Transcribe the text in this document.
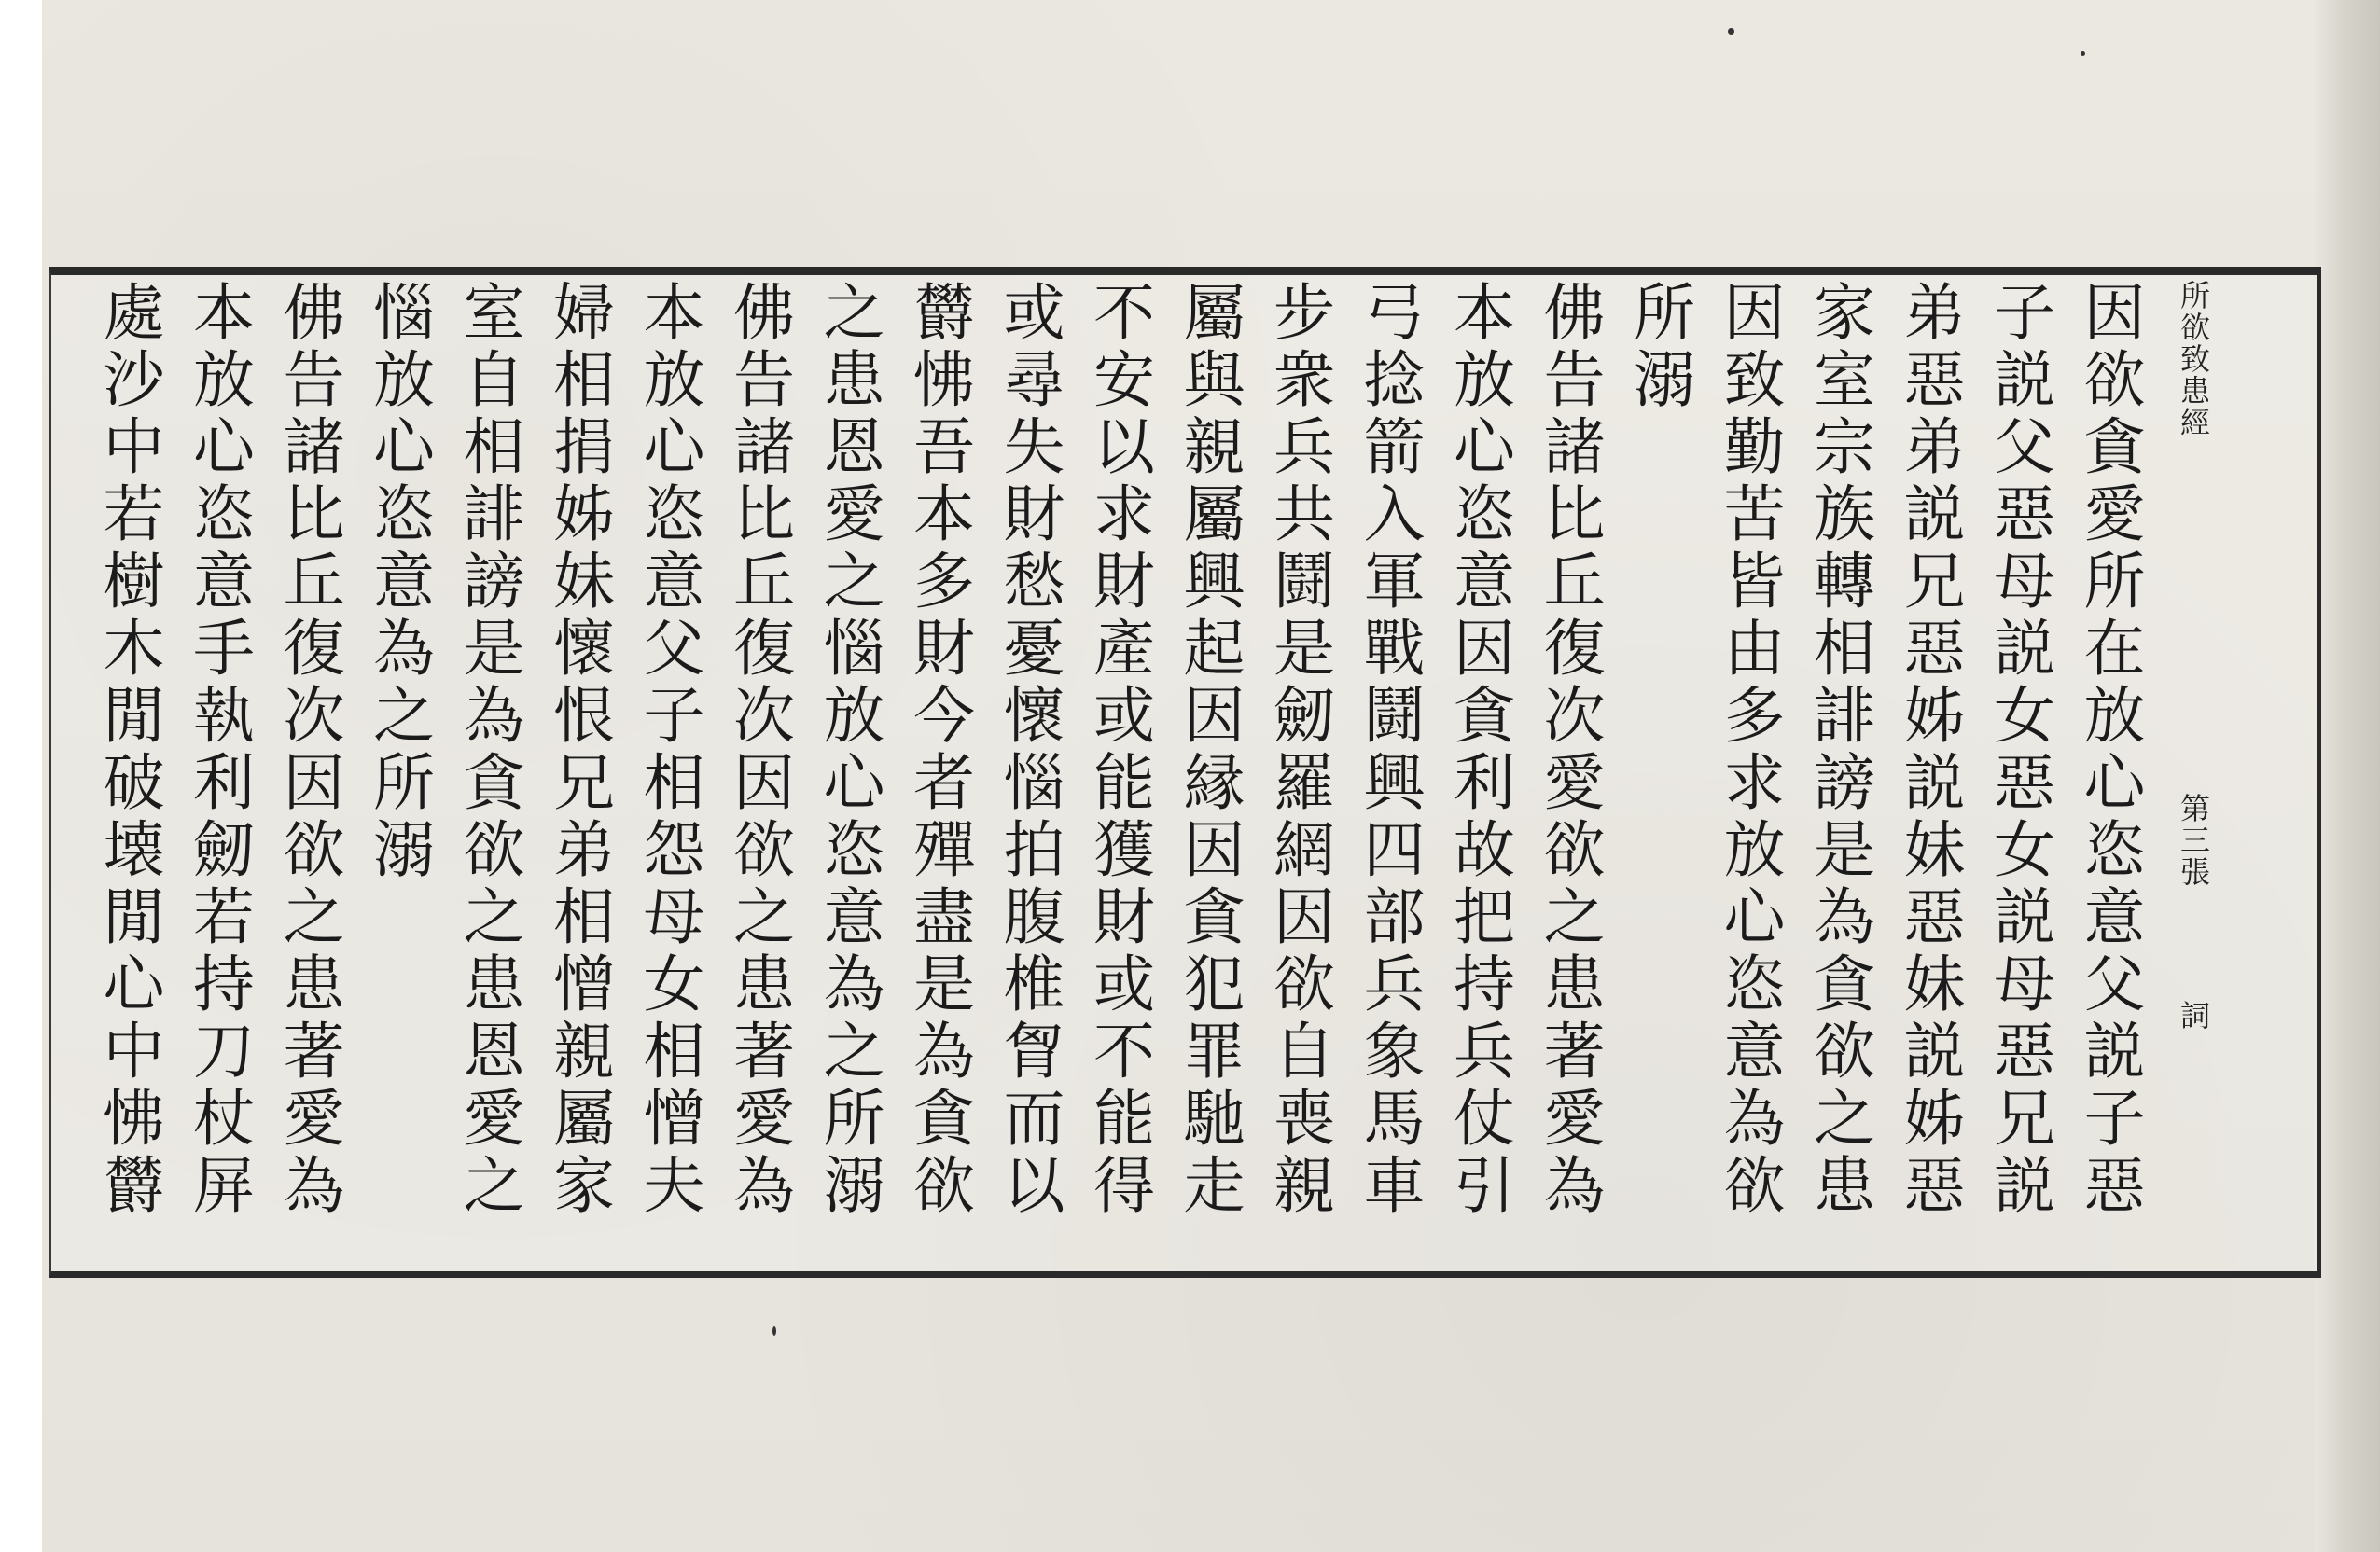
所欲致患經
第三張
詞
因欲貪愛所在放心恣意父説子惡
子説父惡母説女惡女説母惡兄説
弟惡弟説兄惡姊説妹惡妹説姊惡
家室宗族轉相誹謗是為貪欲之患
因致勤苦皆由多求放心恣意為欲
所溺
佛告諸比丘復次愛欲之患著愛為
本放心恣意因貪利故把持兵仗引
弓捻箭入軍戰鬪興四部兵象馬車
步衆兵共鬪是劒羅網因欲自喪親
屬與親屬興起因縁因貪犯罪馳走
不安以求財產或能獲財或不能得
或尋失財愁憂懷惱拍腹椎胷而以
欝怫吾本多財今者殫盡是為貪欲
之患恩愛之惱放心恣意為之所溺
佛告諸比丘復次因欲之患著愛為
本放心恣意父子相怨母女相憎夫
婦相捐姊妹懷恨兄弟相憎親屬家
室自相誹謗是為貪欲之患恩愛之
惱放心恣意為之所溺
佛告諸比丘復次因欲之患著愛為
本放心恣意手執利劒若持刀杖屏
處沙中若樹木閒破壊閒心中怫欝
